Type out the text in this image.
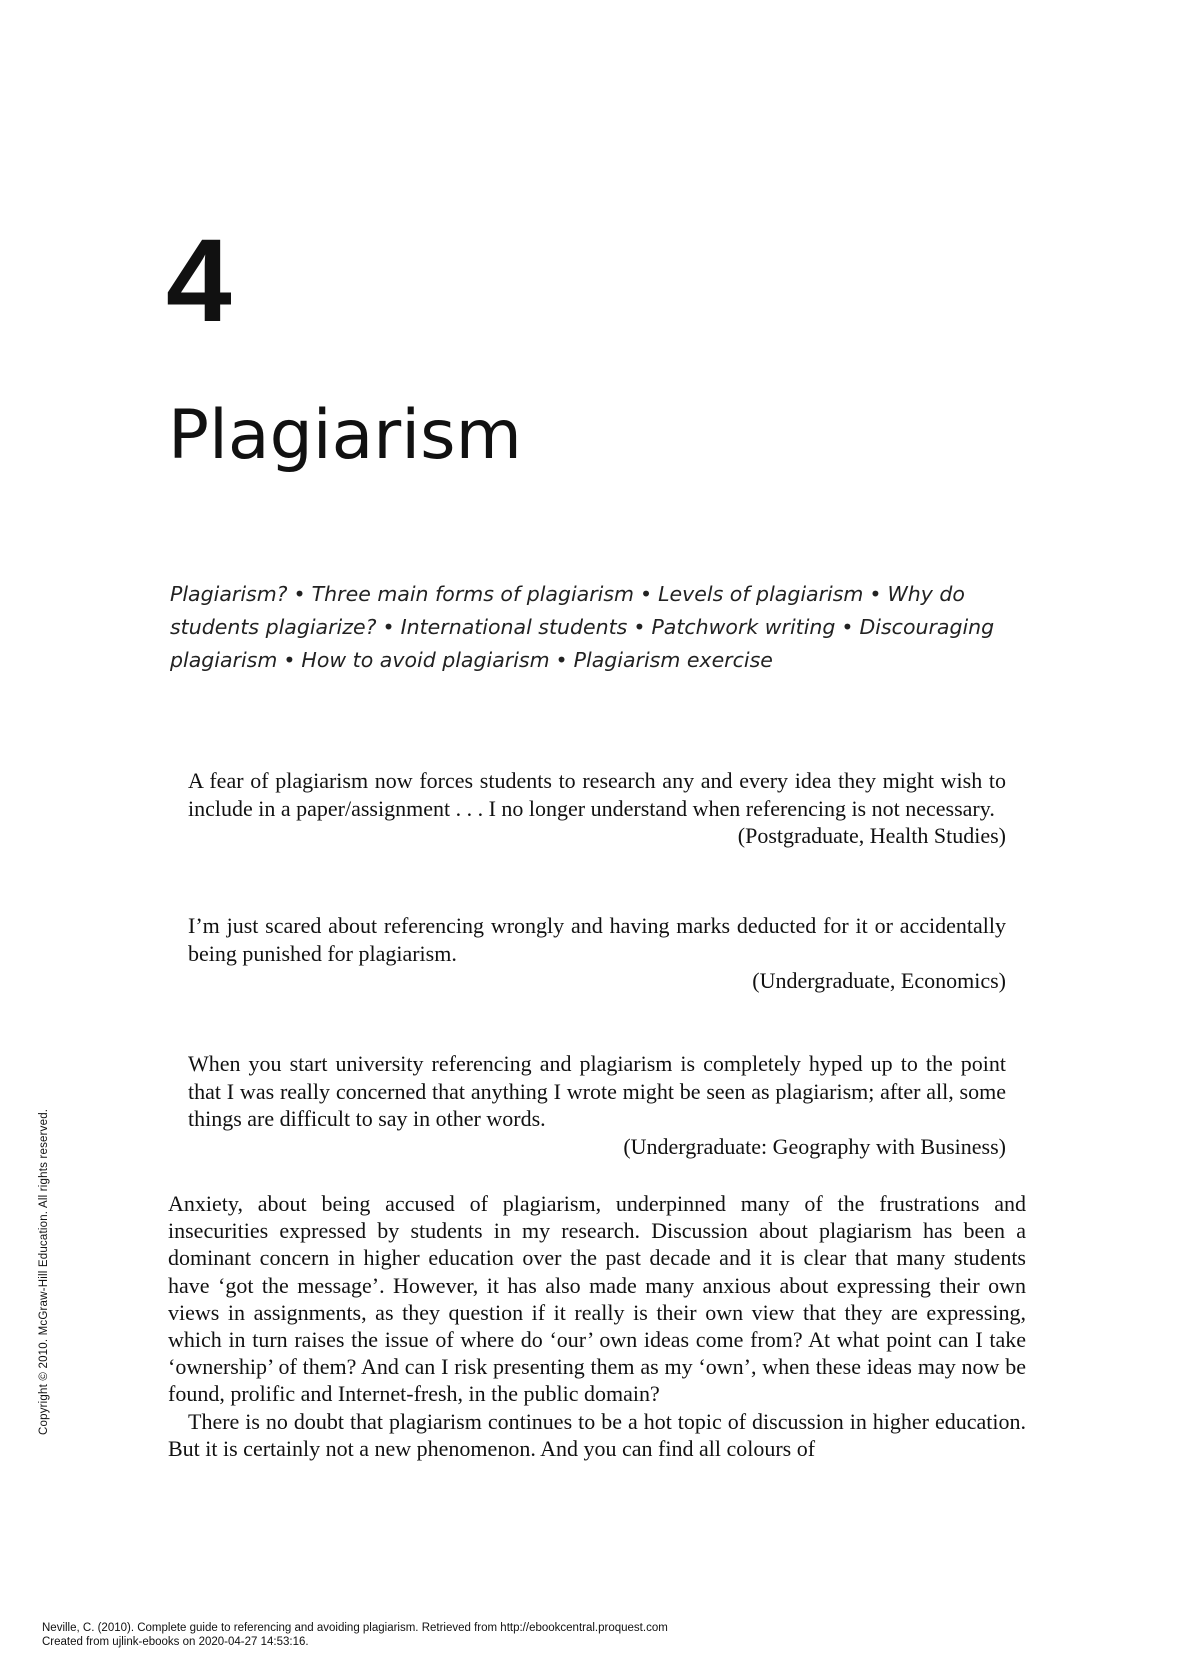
4
Plagiarism
Plagiarism? • Three main forms of plagiarism • Levels of plagiarism • Why do students plagiarize? • International students • Patchwork writing • Discouraging plagiarism • How to avoid plagiarism • Plagiarism exercise

A fear of plagiarism now forces students to research any and every idea they might wish to include in a paper/assignment . . . I no longer understand when referencing is not necessary.

(Postgraduate, Health Studies)

I’m just scared about referencing wrongly and having marks deducted for it or accidentally being punished for plagiarism.

(Undergraduate, Economics)

When you start university referencing and plagiarism is completely hyped up to the point that I was really concerned that anything I wrote might be seen as plagiarism; after all, some things are difficult to say in other words.

(Undergraduate: Geography with Business)

Anxiety, about being accused of plagiarism, underpinned many of the frustrations and insecurities expressed by students in my research. Discussion about plagiarism has been a dominant concern in higher education over the past decade and it is clear that many students have ‘got the message’. However, it has also made many anxious about expressing their own views in assignments, as they question if it really is their own view that they are expressing, which in turn raises the issue of where do ‘our’ own ideas come from? At what point can I take ‘ownership’ of them? And can I risk presenting them as my ‘own’, when these ideas may now be found, prolific and Internet-fresh, in the public domain?

There is no doubt that plagiarism continues to be a hot topic of discussion in higher education. But it is certainly not a new phenomenon. And you can find all colours of

Copyright © 2010. McGraw-Hill Education. All rights reserved.
Neville, C. (2010). Complete guide to referencing and avoiding plagiarism. Retrieved from http://ebookcentral.proquest.com
Created from ujlink-ebooks on 2020-04-27 14:53:16.
